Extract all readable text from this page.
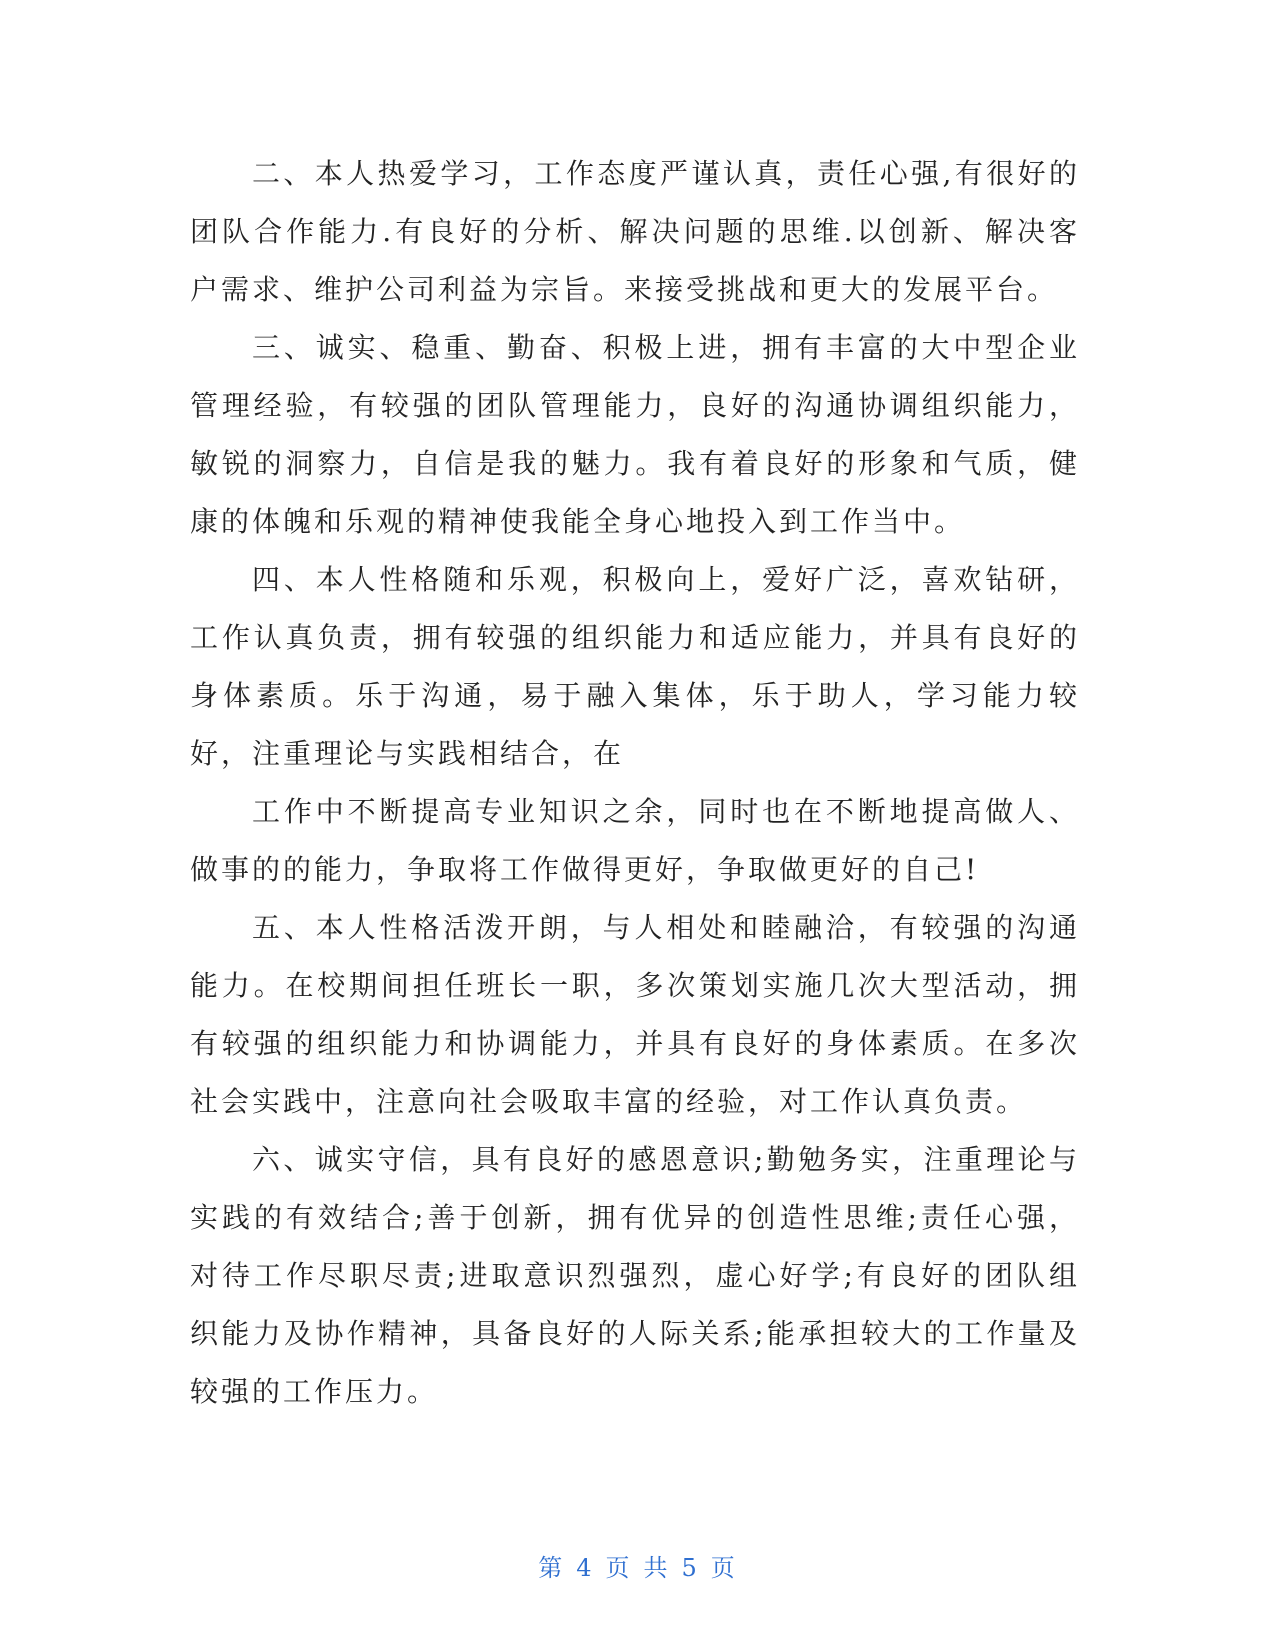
二、本人热爱学习，工作态度严谨认真，责任心强,有很好的团队合作能力.有良好的分析、解决问题的思维.以创新、解决客户需求、维护公司利益为宗旨。来接受挑战和更大的发展平台。

三、诚实、稳重、勤奋、积极上进，拥有丰富的大中型企业管理经验，有较强的团队管理能力，良好的沟通协调组织能力，敏锐的洞察力，自信是我的魅力。我有着良好的形象和气质，健康的体魄和乐观的精神使我能全身心地投入到工作当中。

四、本人性格随和乐观，积极向上，爱好广泛，喜欢钻研，工作认真负责，拥有较强的组织能力和适应能力，并具有良好的身体素质。乐于沟通，易于融入集体，乐于助人，学习能力较好，注重理论与实践相结合，在

工作中不断提高专业知识之余，同时也在不断地提高做人、做事的的能力，争取将工作做得更好，争取做更好的自己!

五、本人性格活泼开朗，与人相处和睦融洽，有较强的沟通能力。在校期间担任班长一职，多次策划实施几次大型活动，拥有较强的组织能力和协调能力，并具有良好的身体素质。在多次社会实践中，注意向社会吸取丰富的经验，对工作认真负责。

六、诚实守信，具有良好的感恩意识;勤勉务实，注重理论与实践的有效结合;善于创新，拥有优异的创造性思维;责任心强，对待工作尽职尽责;进取意识烈强烈，虚心好学;有良好的团队组织能力及协作精神，具备良好的人际关系;能承担较大的工作量及较强的工作压力。

第 4 页 共 5 页
